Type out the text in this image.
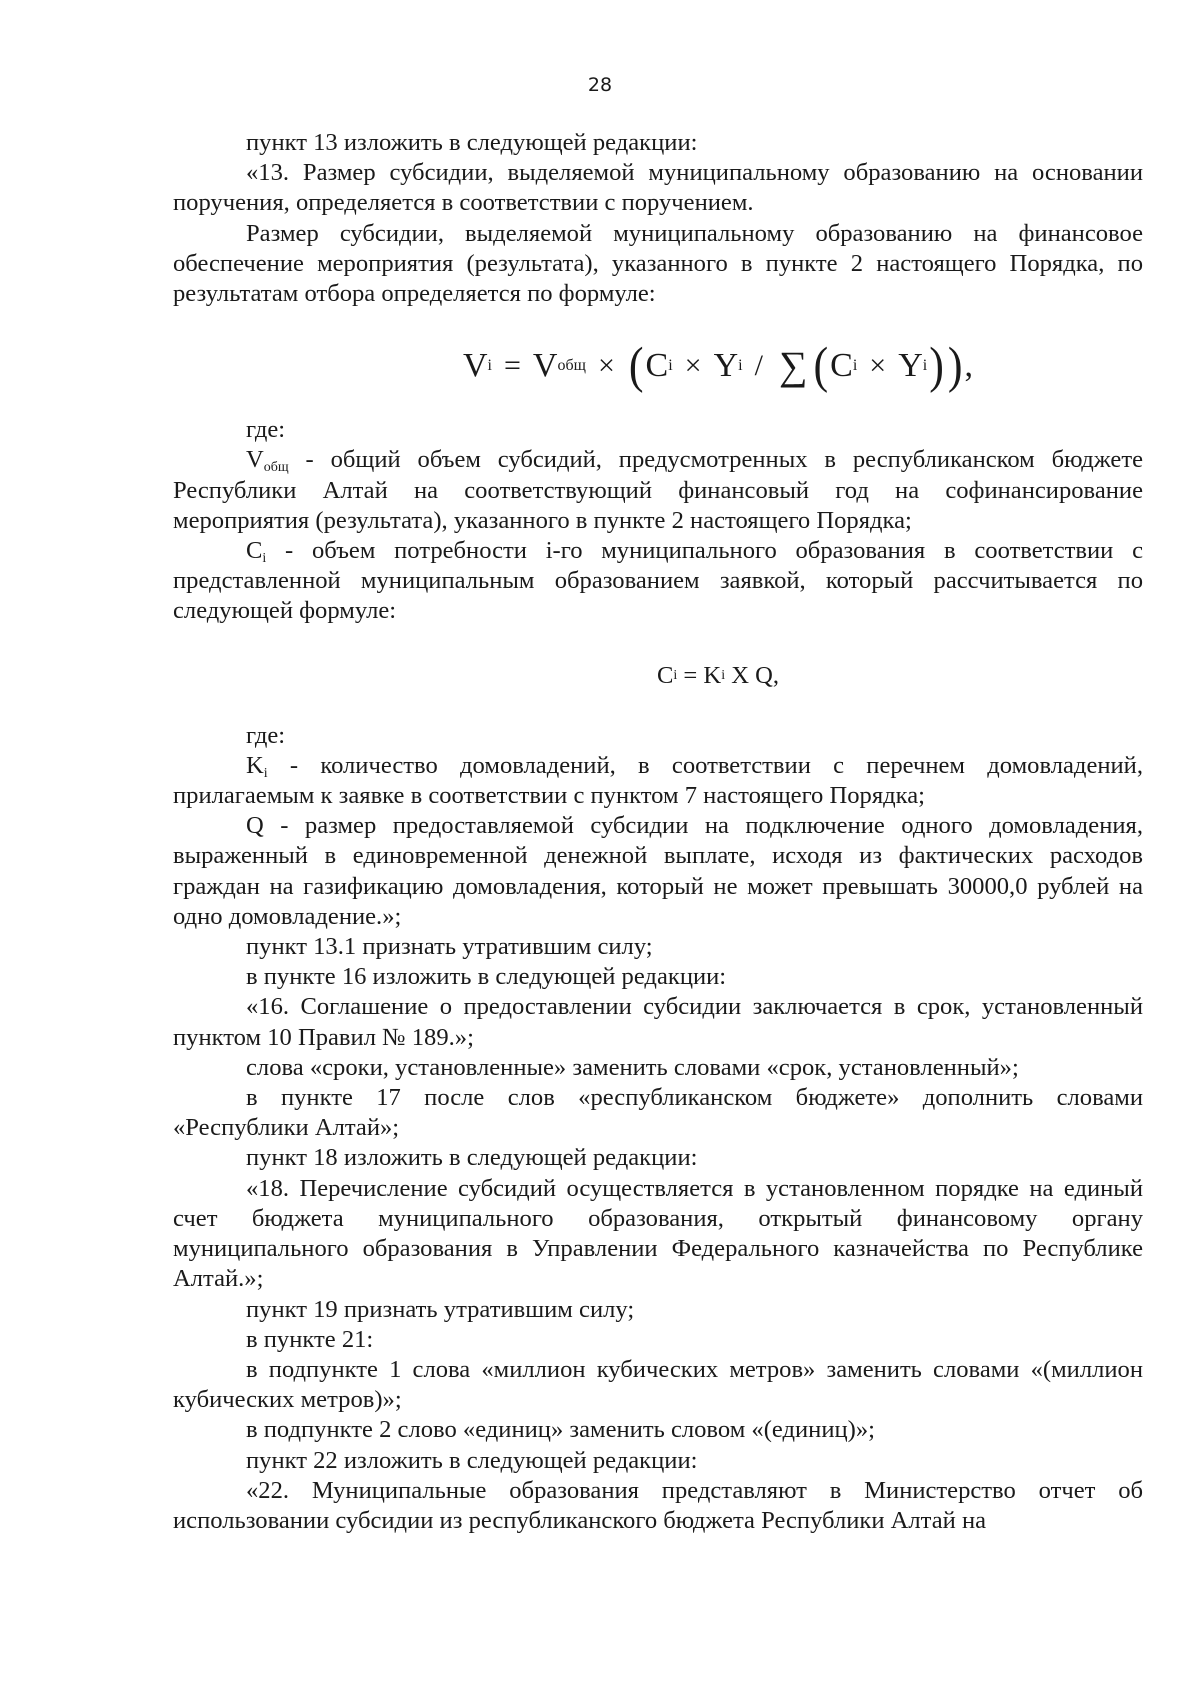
28

пункт 13 изложить в следующей редакции:

«13. Размер субсидии, выделяемой муниципальному образованию на основании поручения, определяется в соответствии с поручением.

Размер субсидии, выделяемой муниципальному образованию на финансовое обеспечение мероприятия (результата), указанного в пункте 2 настоящего Порядка, по результатам отбора определяется по формуле:

V i = V общ × ( C i × Y i / ∑ ( C i × Y i ) ) ,

где:

Vобщ - общий объем субсидий, предусмотренных в республиканском бюджете Республики Алтай на соответствующий финансовый год на софинансирование мероприятия (результата), указанного в пункте 2 настоящего Порядка;

Ci - объем потребности i-го муниципального образования в соответствии с представленной муниципальным образованием заявкой, который рассчитывается по следующей формуле:

C i = K i X Q,

где:

Ki - количество домовладений, в соответствии с перечнем домовладений, прилагаемым к заявке в соответствии с пунктом 7 настоящего Порядка;

Q - размер предоставляемой субсидии на подключение одного домовладения, выраженный в единовременной денежной выплате, исходя из фактических расходов граждан на газификацию домовладения, который не может превышать 30000,0 рублей на одно домовладение.»;

пункт 13.1 признать утратившим силу;

в пункте 16 изложить в следующей редакции:

«16. Соглашение о предоставлении субсидии заключается в срок, установленный пунктом 10 Правил № 189.»;

слова «сроки, установленные» заменить словами «срок, установленный»;

в пункте 17 после слов «республиканском бюджете» дополнить словами «Республики Алтай»;

пункт 18 изложить в следующей редакции:

«18. Перечисление субсидий осуществляется в установленном порядке на единый счет бюджета муниципального образования, открытый финансовому органу муниципального образования в Управлении Федерального казначейства по Республике Алтай.»;

пункт 19 признать утратившим силу;

в пункте 21:

в подпункте 1 слова «миллион кубических метров» заменить словами «(миллион кубических метров)»;

в подпункте 2 слово «единиц» заменить словом «(единиц)»;

пункт 22 изложить в следующей редакции:

«22. Муниципальные образования представляют в Министерство отчет об использовании субсидии из республиканского бюджета Республики Алтай на
